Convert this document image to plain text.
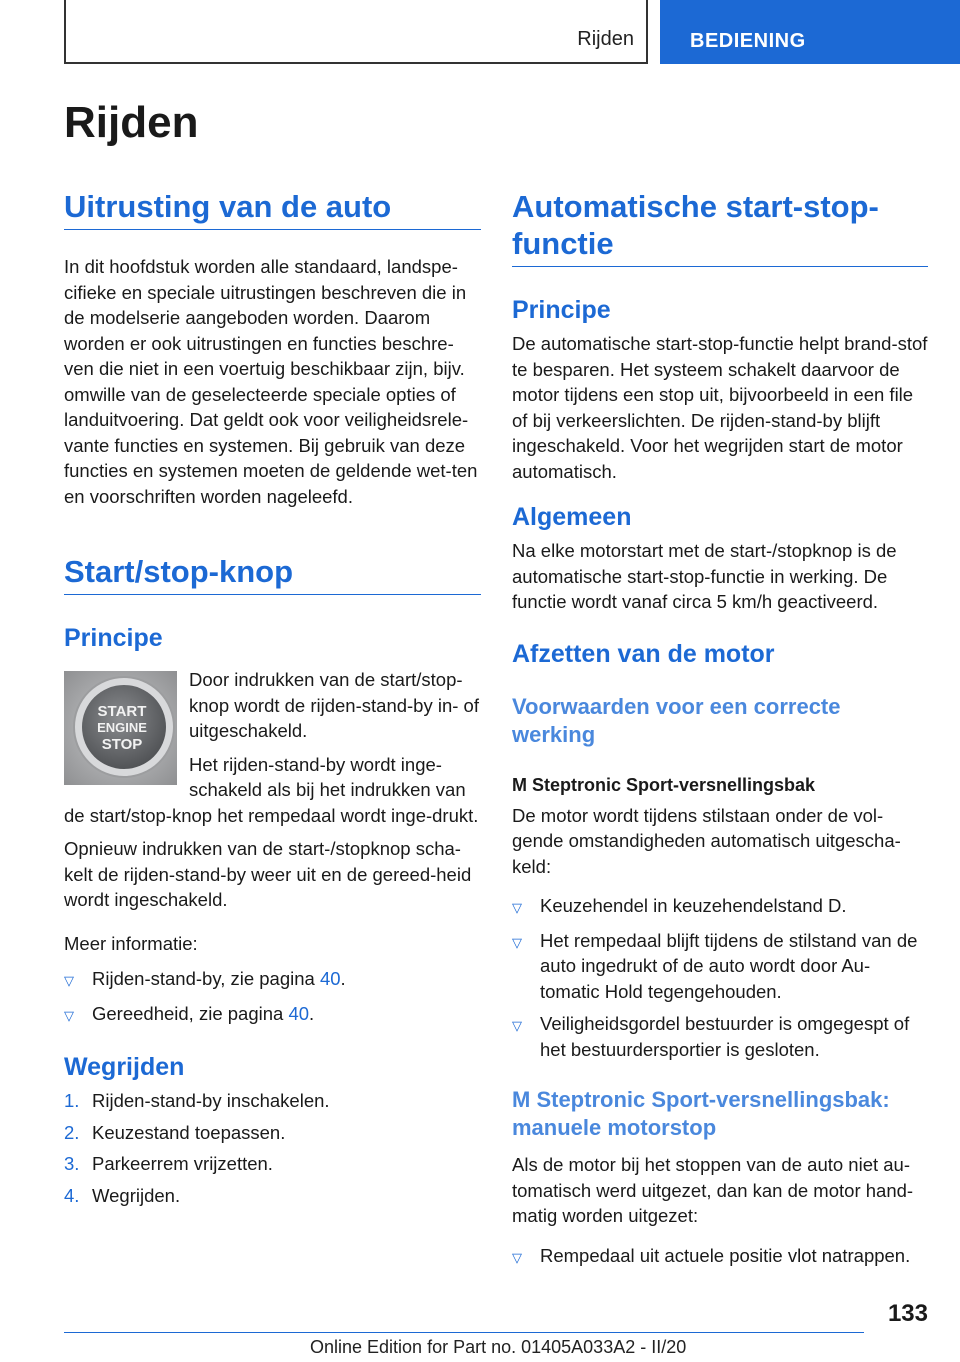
Rijden	BEDIENING
Rijden
Uitrusting van de auto

In dit hoofdstuk worden alle standaard, landspe-cifieke en speciale uitrustingen beschreven die in de modelserie aangeboden worden. Daarom worden er ook uitrustingen en functies beschre-ven die niet in een voertuig beschikbaar zijn, bijv. omwille van de geselecteerde speciale opties of landuitvoering. Dat geldt ook voor veiligheidsrele-vante functies en systemen. Bij gebruik van deze functies en systemen moeten de geldende wet-ten en voorschriften worden nageleefd.

Start/stop-knop
Principe
START
ENGINE
STOP

Door indrukken van de start/stop-knop wordt de rijden-stand-by in- of uitgeschakeld.

Het rijden-stand-by wordt inge-schakeld als bij het indrukken van de start/stop-knop het rempedaal wordt inge-drukt.

Opnieuw indrukken van de start-/stopknop scha-kelt de rijden-stand-by weer uit en de gereed-heid wordt ingeschakeld.

Meer informatie:

▽ Rijden-stand-by, zie pagina 40.
▽ Gereedheid, zie pagina 40.
Wegrijden
1. Rijden-stand-by inschakelen.
2. Keuzestand toepassen.
3. Parkeerrem vrijzetten.
4. Wegrijden.
Automatische start-stop-functie
Principe

De automatische start-stop-functie helpt brand-stof te besparen. Het systeem schakelt daarvoor de motor tijdens een stop uit, bijvoorbeeld in een file of bij verkeerslichten. De rijden-stand-by blijft ingeschakeld. Voor het wegrijden start de motor automatisch.

Algemeen

Na elke motorstart met de start-/stopknop is de automatische start-stop-functie in werking. De functie wordt vanaf circa 5 km/h geactiveerd.

Afzetten van de motor
Voorwaarden voor een correcte werking
M Steptronic Sport-versnellingsbak

De motor wordt tijdens stilstaan onder de vol-gende omstandigheden automatisch uitgescha-keld:

▽ Keuzehendel in keuzehendelstand D.
▽ Het rempedaal blijft tijdens de stilstand van de auto ingedrukt of de auto wordt door Au-tomatic Hold tegengehouden.
▽ Veiligheidsgordel bestuurder is omgegespt of het bestuurdersportier is gesloten.
M Steptronic Sport-versnellingsbak: manuele motorstop

Als de motor bij het stoppen van de auto niet au-tomatisch werd uitgezet, dan kan de motor hand-matig worden uitgezet:

▽ Rempedaal uit actuele positie vlot natrappen.
133
Online Edition for Part no. 01405A033A2 - II/20
